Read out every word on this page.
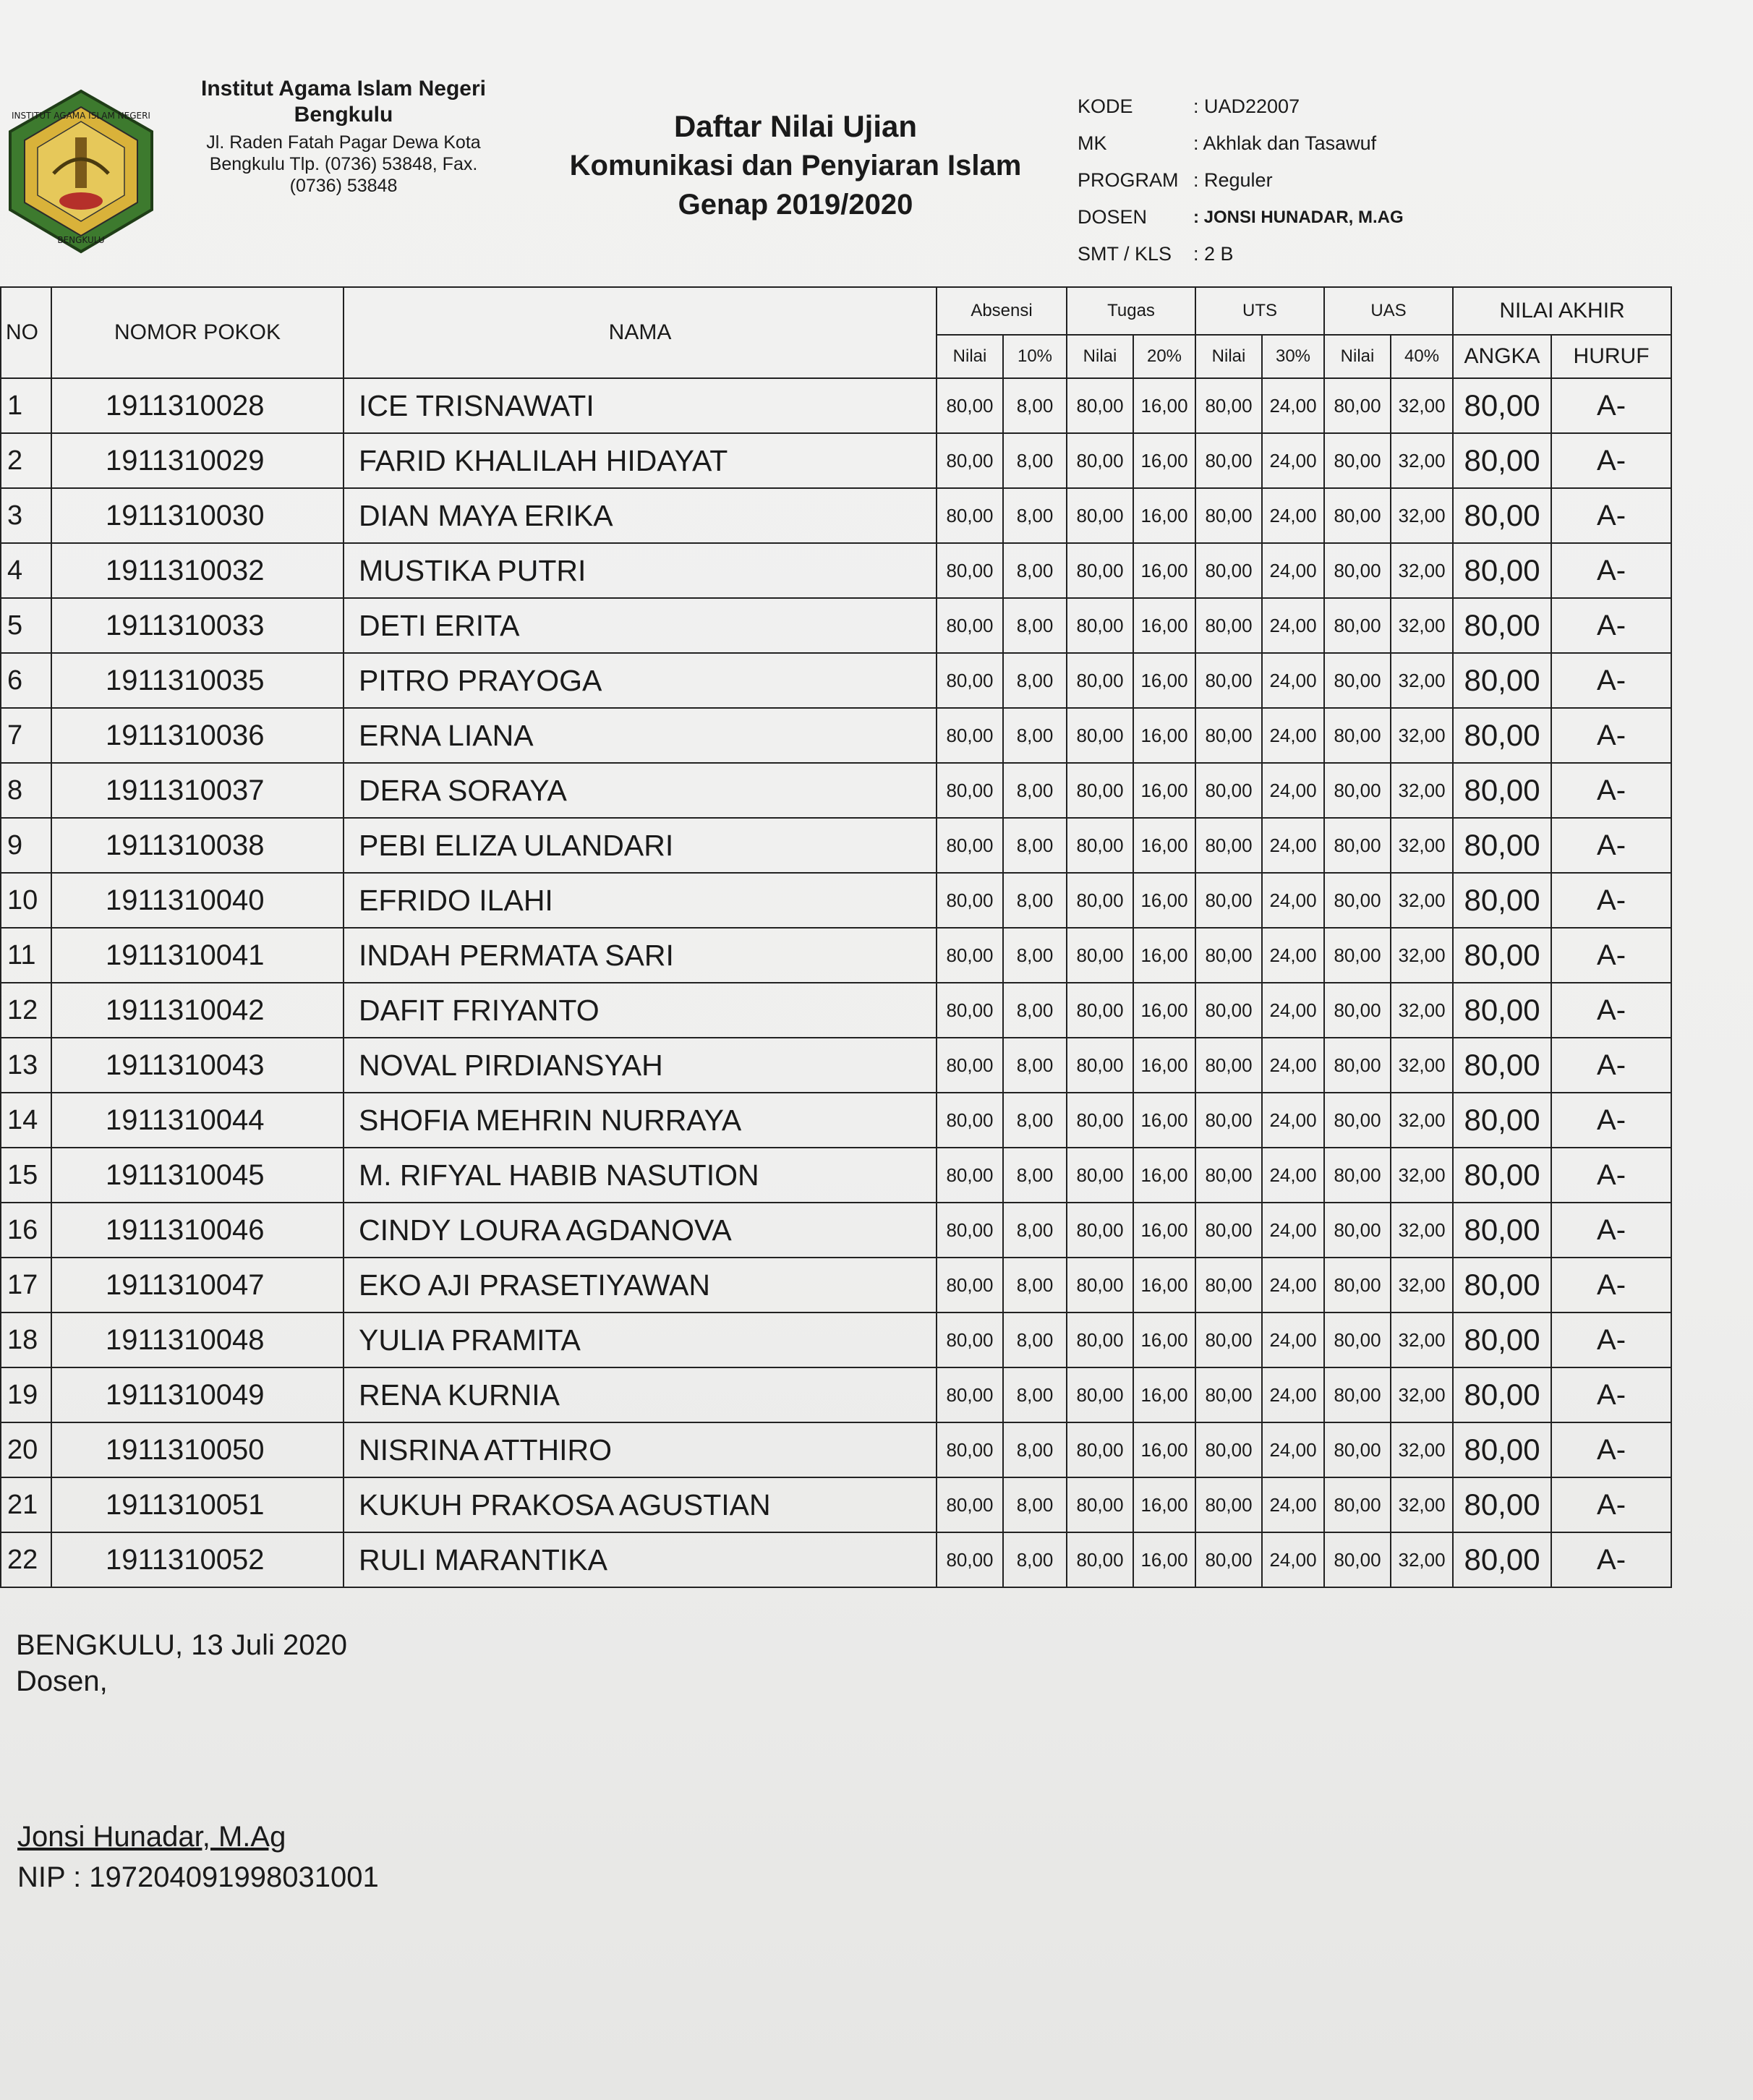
INSTITUT AGAMA ISLAM NEGERI
BENGKULU
Institut Agama Islam Negeri
Bengkulu
Jl. Raden Fatah Pagar Dewa Kota
Bengkulu Tlp. (0736) 53848, Fax.
(0736) 53848
Daftar Nilai Ujian
Komunikasi dan Penyiaran Islam
Genap 2019/2020
KODE	: UAD22007
MK	: Akhlak dan Tasawuf
PROGRAM : Reguler
DOSEN	: JONSI HUNADAR, M.AG
SMT / KLS	: 2 B
NO	NOMOR POKOK	NAMA	Absensi		Tugas		UTS		UAS		NILAI AKHIR	
			Nilai	10%	Nilai	20%	Nilai	30%	Nilai	40%	ANGKA	HURUF
1	1911310028	ICE TRISNAWATI	80,00	8,00	80,00	16,00	80,00	24,00	80,00	32,00	80,00	A-
2	1911310029	FARID KHALILAH HIDAYAT	80,00	8,00	80,00	16,00	80,00	24,00	80,00	32,00	80,00	A-
3	1911310030	DIAN MAYA ERIKA	80,00	8,00	80,00	16,00	80,00	24,00	80,00	32,00	80,00	A-
4	1911310032	MUSTIKA PUTRI	80,00	8,00	80,00	16,00	80,00	24,00	80,00	32,00	80,00	A-
5	1911310033	DETI ERITA	80,00	8,00	80,00	16,00	80,00	24,00	80,00	32,00	80,00	A-
6	1911310035	PITRO PRAYOGA	80,00	8,00	80,00	16,00	80,00	24,00	80,00	32,00	80,00	A-
7	1911310036	ERNA LIANA	80,00	8,00	80,00	16,00	80,00	24,00	80,00	32,00	80,00	A-
8	1911310037	DERA SORAYA	80,00	8,00	80,00	16,00	80,00	24,00	80,00	32,00	80,00	A-
9	1911310038	PEBI ELIZA ULANDARI	80,00	8,00	80,00	16,00	80,00	24,00	80,00	32,00	80,00	A-
10	1911310040	EFRIDO ILAHI	80,00	8,00	80,00	16,00	80,00	24,00	80,00	32,00	80,00	A-
11	1911310041	INDAH PERMATA SARI	80,00	8,00	80,00	16,00	80,00	24,00	80,00	32,00	80,00	A-
12	1911310042	DAFIT FRIYANTO	80,00	8,00	80,00	16,00	80,00	24,00	80,00	32,00	80,00	A-
13	1911310043	NOVAL PIRDIANSYAH	80,00	8,00	80,00	16,00	80,00	24,00	80,00	32,00	80,00	A-
14	1911310044	SHOFIA MEHRIN NURRAYA	80,00	8,00	80,00	16,00	80,00	24,00	80,00	32,00	80,00	A-
15	1911310045	M. RIFYAL HABIB NASUTION	80,00	8,00	80,00	16,00	80,00	24,00	80,00	32,00	80,00	A-
16	1911310046	CINDY LOURA AGDANOVA	80,00	8,00	80,00	16,00	80,00	24,00	80,00	32,00	80,00	A-
17	1911310047	EKO AJI PRASETIYAWAN	80,00	8,00	80,00	16,00	80,00	24,00	80,00	32,00	80,00	A-
18	1911310048	YULIA PRAMITA	80,00	8,00	80,00	16,00	80,00	24,00	80,00	32,00	80,00	A-
19	1911310049	RENA KURNIA	80,00	8,00	80,00	16,00	80,00	24,00	80,00	32,00	80,00	A-
20	1911310050	NISRINA ATTHIRO	80,00	8,00	80,00	16,00	80,00	24,00	80,00	32,00	80,00	A-
21	1911310051	KUKUH PRAKOSA AGUSTIAN	80,00	8,00	80,00	16,00	80,00	24,00	80,00	32,00	80,00	A-
22	1911310052	RULI MARANTIKA	80,00	8,00	80,00	16,00	80,00	24,00	80,00	32,00	80,00	A-
BENGKULU, 13 Juli 2020
Dosen,
Jonsi Hunadar, M.Ag
NIP : 197204091998031001
